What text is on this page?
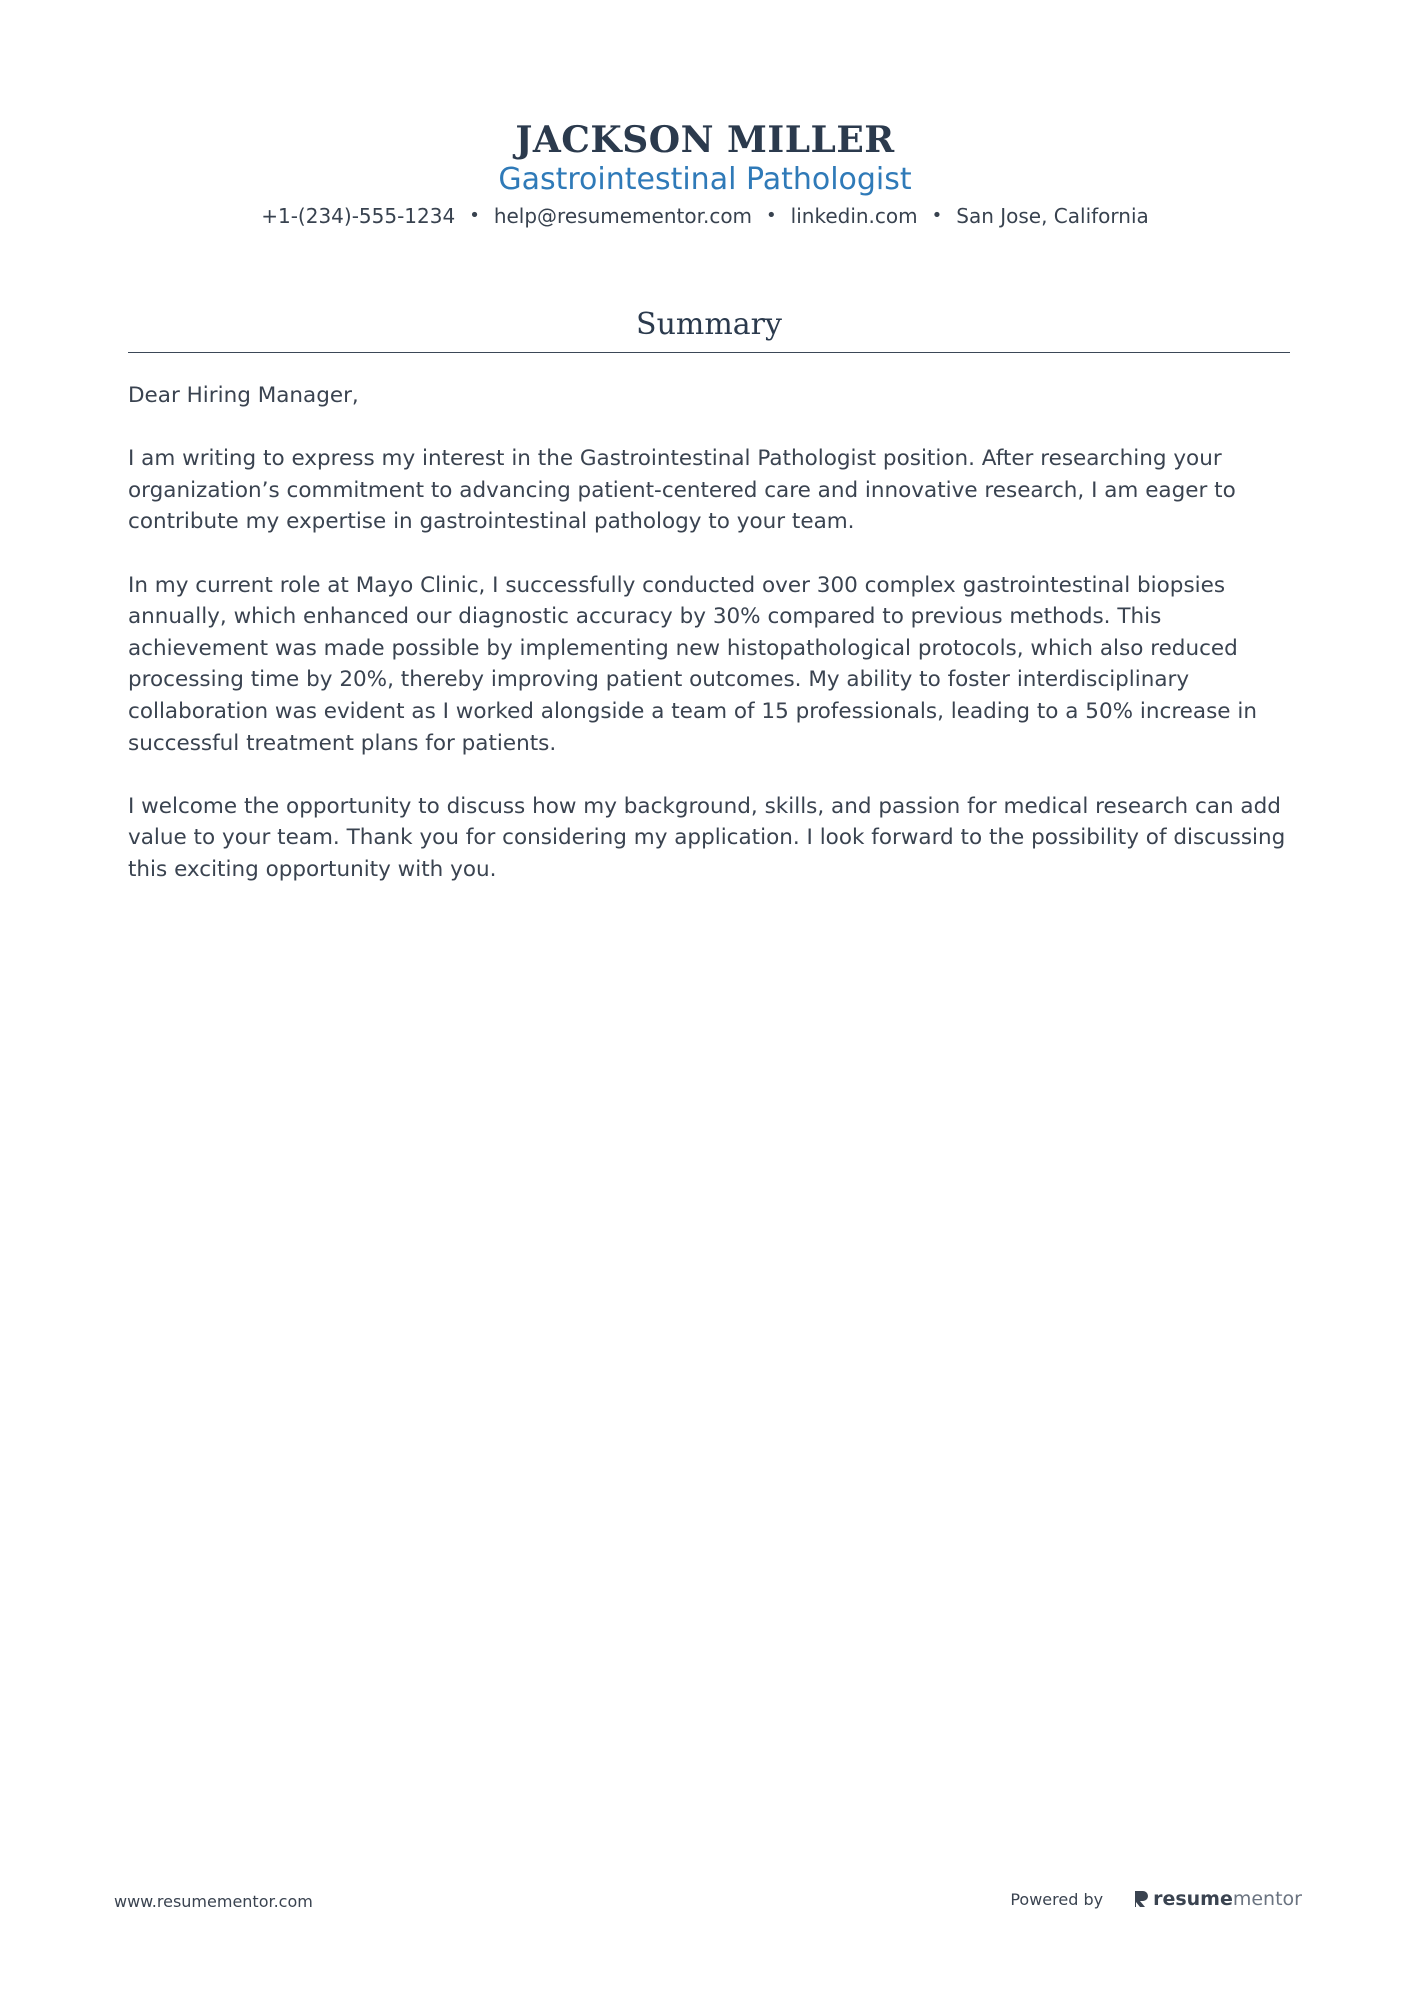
JACKSON MILLER
Gastrointestinal Pathologist
+1-(234)-555-1234 • help@resumementor.com • linkedin.com • San Jose, California
Summary

Dear Hiring Manager,

I am writing to express my interest in the Gastrointestinal Pathologist position. After researching your organization’s commitment to advancing patient-centered care and innovative research, I am eager to contribute my expertise in gastrointestinal pathology to your team.

In my current role at Mayo Clinic, I successfully conducted over 300 complex gastrointestinal biopsies annually, which enhanced our diagnostic accuracy by 30% compared to previous methods. This achievement was made possible by implementing new histopathological protocols, which also reduced processing time by 20%, thereby improving patient outcomes. My ability to foster interdisciplinary collaboration was evident as I worked alongside a team of 15 professionals, leading to a 50% increase in successful treatment plans for patients.

I welcome the opportunity to discuss how my background, skills, and passion for medical research can add value to your team. Thank you for considering my application. I look forward to the possibility of discussing this exciting opportunity with you.

www.resumementor.com	Powered by	resume mentor
